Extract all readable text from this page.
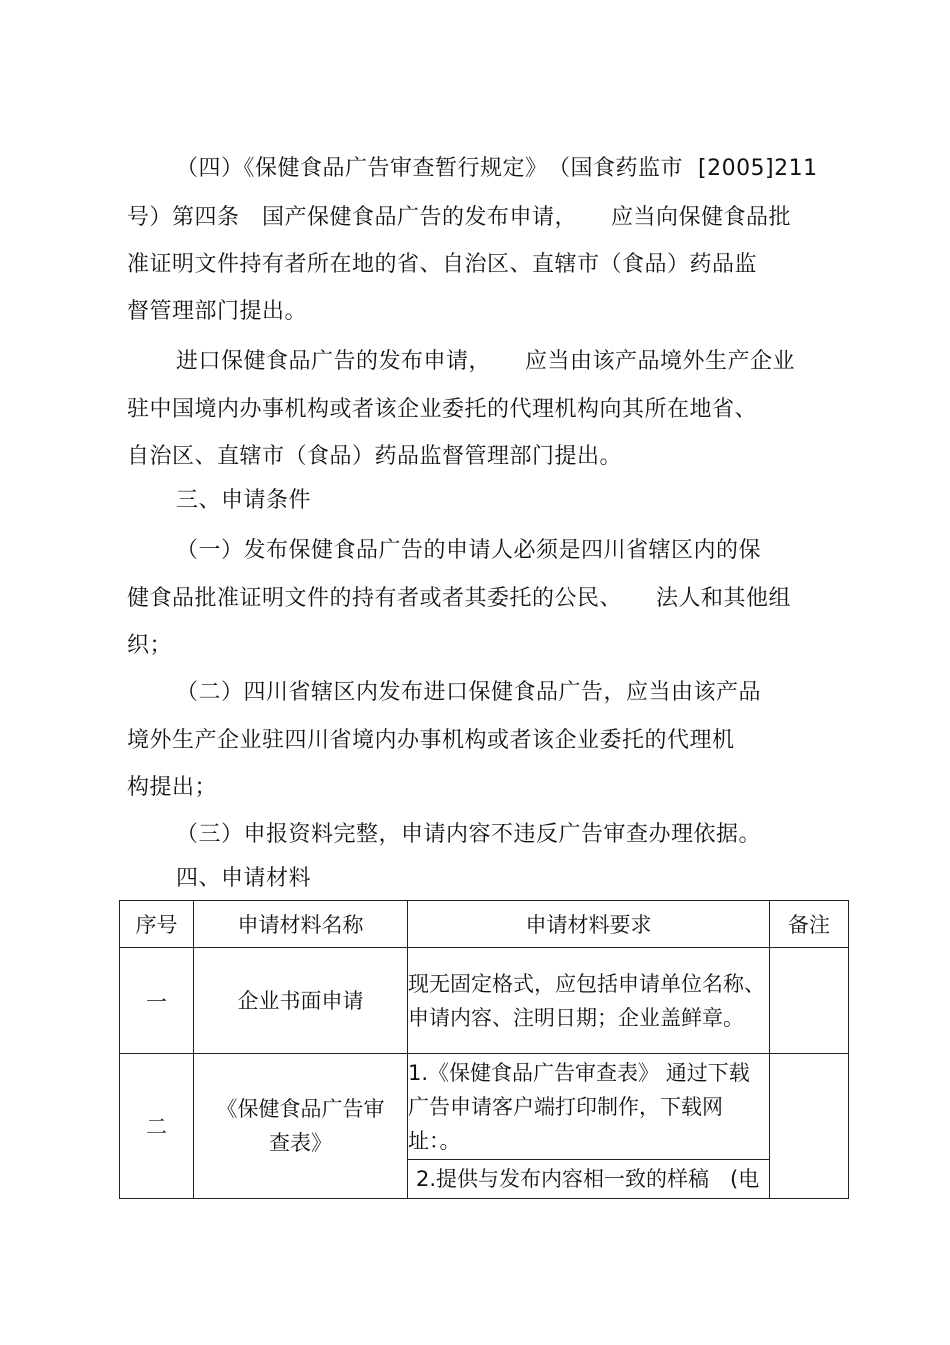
（四）《保健食品广告审查暂行规定》　（国食药监市  [2005]211
号）第四条　国产保健食品广告的发布申请，　　应当向保健食品批
准证明文件持有者所在地的省、自治区、直辖市（食品）药品监
督管理部门提出。
进口保健食品广告的发布申请，　　应当由该产品境外生产企业
驻中国境内办事机构或者该企业委托的代理机构向其所在地省、
自治区、直辖市（食品）药品监督管理部门提出。
三、申请条件
（一）发布保健食品广告的申请人必须是四川省辖区内的保
健食品批准证明文件的持有者或者其委托的公民、　　法人和其他组
织；
（二）四川省辖区内发布进口保健食品广告，应当由该产品
境外生产企业驻四川省境内办事机构或者该企业委托的代理机
构提出；
（三）申报资料完整，申请内容不违反广告审查办理依据。
四、申请材料
序号	申请材料名称	申请材料要求	备注
一	企业书面申请	现无固定格式，应包括申请单位名称、申请内容、注明日期；企业盖鲜章。	
二	《保健食品广告审查表》	1.《保健食品广告审查表》 通过下载广告申请客户端打印制作，下载网址：。	
		2.提供与发布内容相一致的样稿　(电	
